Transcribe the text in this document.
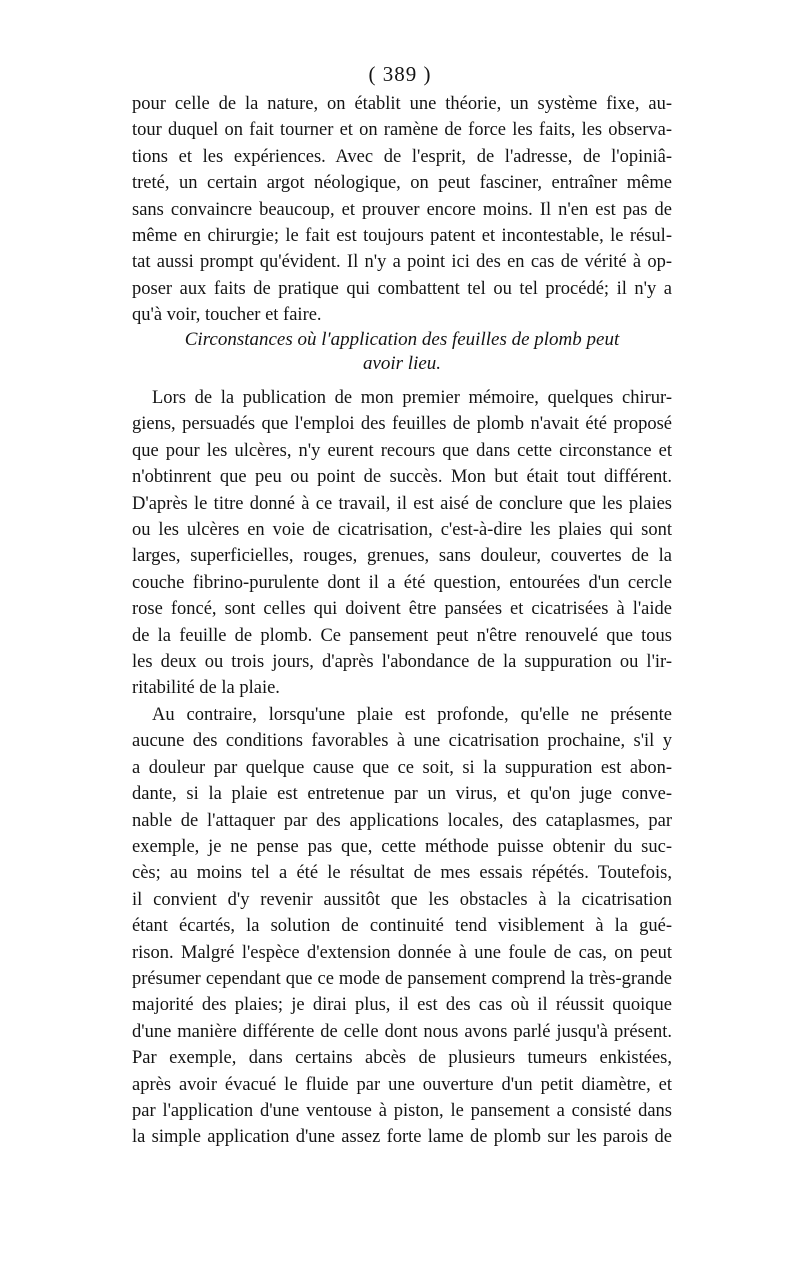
( 389 )
pour celle de la nature, on établit une théorie, un système fixe, au-
tour duquel on fait tourner et on ramène de force les faits, les observa-
tions et les expériences. Avec de l'esprit, de l'adresse, de l'opiniâ-
treté, un certain argot néologique, on peut fasciner, entraîner même
sans convaincre beaucoup, et prouver encore moins. Il n'en est pas de
même en chirurgie; le fait est toujours patent et incontestable, le résul-
tat aussi prompt qu'évident. Il n'y a point ici des en cas de vérité à op-
poser aux faits de pratique qui combattent tel ou tel procédé; il n'y a
qu'à voir, toucher et faire.
Circonstances où l'application des feuilles de plomb peut
avoir lieu.
Lors de la publication de mon premier mémoire, quelques chirur-
giens, persuadés que l'emploi des feuilles de plomb n'avait été proposé
que pour les ulcères, n'y eurent recours que dans cette circonstance et
n'obtinrent que peu ou point de succès. Mon but était tout différent.
D'après le titre donné à ce travail, il est aisé de conclure que les plaies
ou les ulcères en voie de cicatrisation, c'est-à-dire les plaies qui sont
larges, superficielles, rouges, grenues, sans douleur, couvertes de la
couche fibrino-purulente dont il a été question, entourées d'un cercle
rose foncé, sont celles qui doivent être pansées et cicatrisées à l'aide
de la feuille de plomb. Ce pansement peut n'être renouvelé que tous
les deux ou trois jours, d'après l'abondance de la suppuration ou l'ir-
ritabilité de la plaie.
Au contraire, lorsqu'une plaie est profonde, qu'elle ne présente
aucune des conditions favorables à une cicatrisation prochaine, s'il y
a douleur par quelque cause que ce soit, si la suppuration est abon-
dante, si la plaie est entretenue par un virus, et qu'on juge conve-
nable de l'attaquer par des applications locales, des cataplasmes, par
exemple, je ne pense pas que, cette méthode puisse obtenir du suc-
cès; au moins tel a été le résultat de mes essais répétés. Toutefois,
il convient d'y revenir aussitôt que les obstacles à la cicatrisation
étant écartés, la solution de continuité tend visiblement à la gué-
rison. Malgré l'espèce d'extension donnée à une foule de cas, on peut
présumer cependant que ce mode de pansement comprend la très-grande
majorité des plaies; je dirai plus, il est des cas où il réussit quoique
d'une manière différente de celle dont nous avons parlé jusqu'à présent.
Par exemple, dans certains abcès de plusieurs tumeurs enkistées,
après avoir évacué le fluide par une ouverture d'un petit diamètre, et
par l'application d'une ventouse à piston, le pansement a consisté dans
la simple application d'une assez forte lame de plomb sur les parois de
